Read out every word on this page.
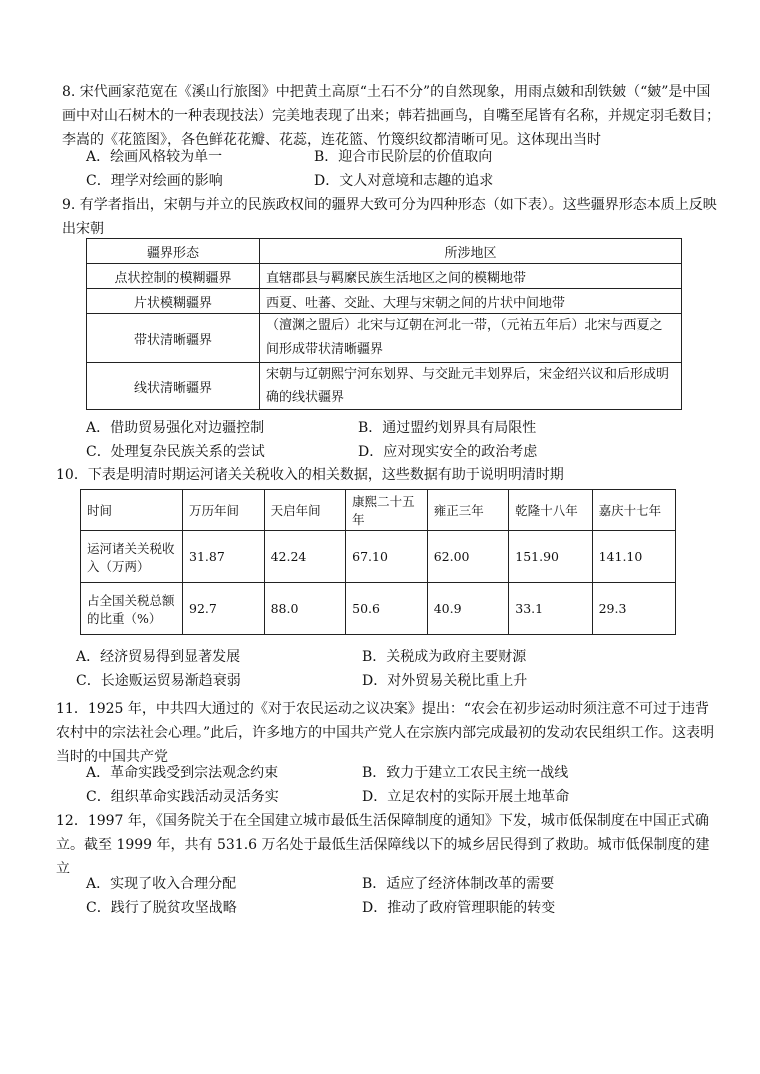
8. 宋代画家范宽在《溪山行旅图》中把黄土高原“土石不分”的自然现象，用雨点皴和刮铁皴（“皴”是中国画中对山石树木的一种表现技法）完美地表现了出来；韩若拙画鸟，自嘴至尾皆有名称，并规定羽毛数目；李嵩的《花篮图》，各色鲜花花瓣、花蕊，连花篮、竹篾织纹都清晰可见。这体现出当时
A．绘画风格较为单一	B．迎合市民阶层的价值取向
C．理学对绘画的影响	D．文人对意境和志趣的追求
9. 有学者指出，宋朝与并立的民族政权间的疆界大致可分为四种形态（如下表）。这些疆界形态本质上反映出宋朝
疆界形态	所涉地区
点状控制的模糊疆界	直辖郡县与羁縻民族生活地区之间的模糊地带
片状模糊疆界	西夏、吐蕃、交趾、大理与宋朝之间的片状中间地带
带状清晰疆界	（澶渊之盟后）北宋与辽朝在河北一带，（元祐五年后）北宋与西夏之间形成带状清晰疆界
线状清晰疆界	宋朝与辽朝熙宁河东划界、与交趾元丰划界后，宋金绍兴议和后形成明确的线状疆界
A．借助贸易强化对边疆控制	B．通过盟约划界具有局限性
C．处理复杂民族关系的尝试	D．应对现实安全的政治考虑
10．下表是明清时期运河诸关关税收入的相关数据，这些数据有助于说明明清时期
时间	万历年间	天启年间	康熙二十五年	雍正三年	乾隆十八年	嘉庆十七年
运河诸关关税收入（万两）	31.87	42.24	67.10	62.00	151.90	141.10
占全国关税总额的比重（%）	92.7	88.0	50.6	40.9	33.1	29.3
A．经济贸易得到显著发展	B．关税成为政府主要财源
C．长途贩运贸易渐趋衰弱	D．对外贸易关税比重上升
11．1925 年，中共四大通过的《对于农民运动之议决案》提出：“农会在初步运动时须注意不可过于违背农村中的宗法社会心理。”此后，许多地方的中国共产党人在宗族内部完成最初的发动农民组织工作。这表明当时的中国共产党
A．革命实践受到宗法观念约束	B．致力于建立工农民主统一战线
C．组织革命实践活动灵活务实	D．立足农村的实际开展土地革命
12．1997 年，《国务院关于在全国建立城市最低生活保障制度的通知》下发，城市低保制度在中国正式确立。截至 1999 年，共有 531.6 万名处于最低生活保障线以下的城乡居民得到了救助。城市低保制度的建立
A．实现了收入合理分配	B．适应了经济体制改革的需要
C．践行了脱贫攻坚战略	D．推动了政府管理职能的转变
